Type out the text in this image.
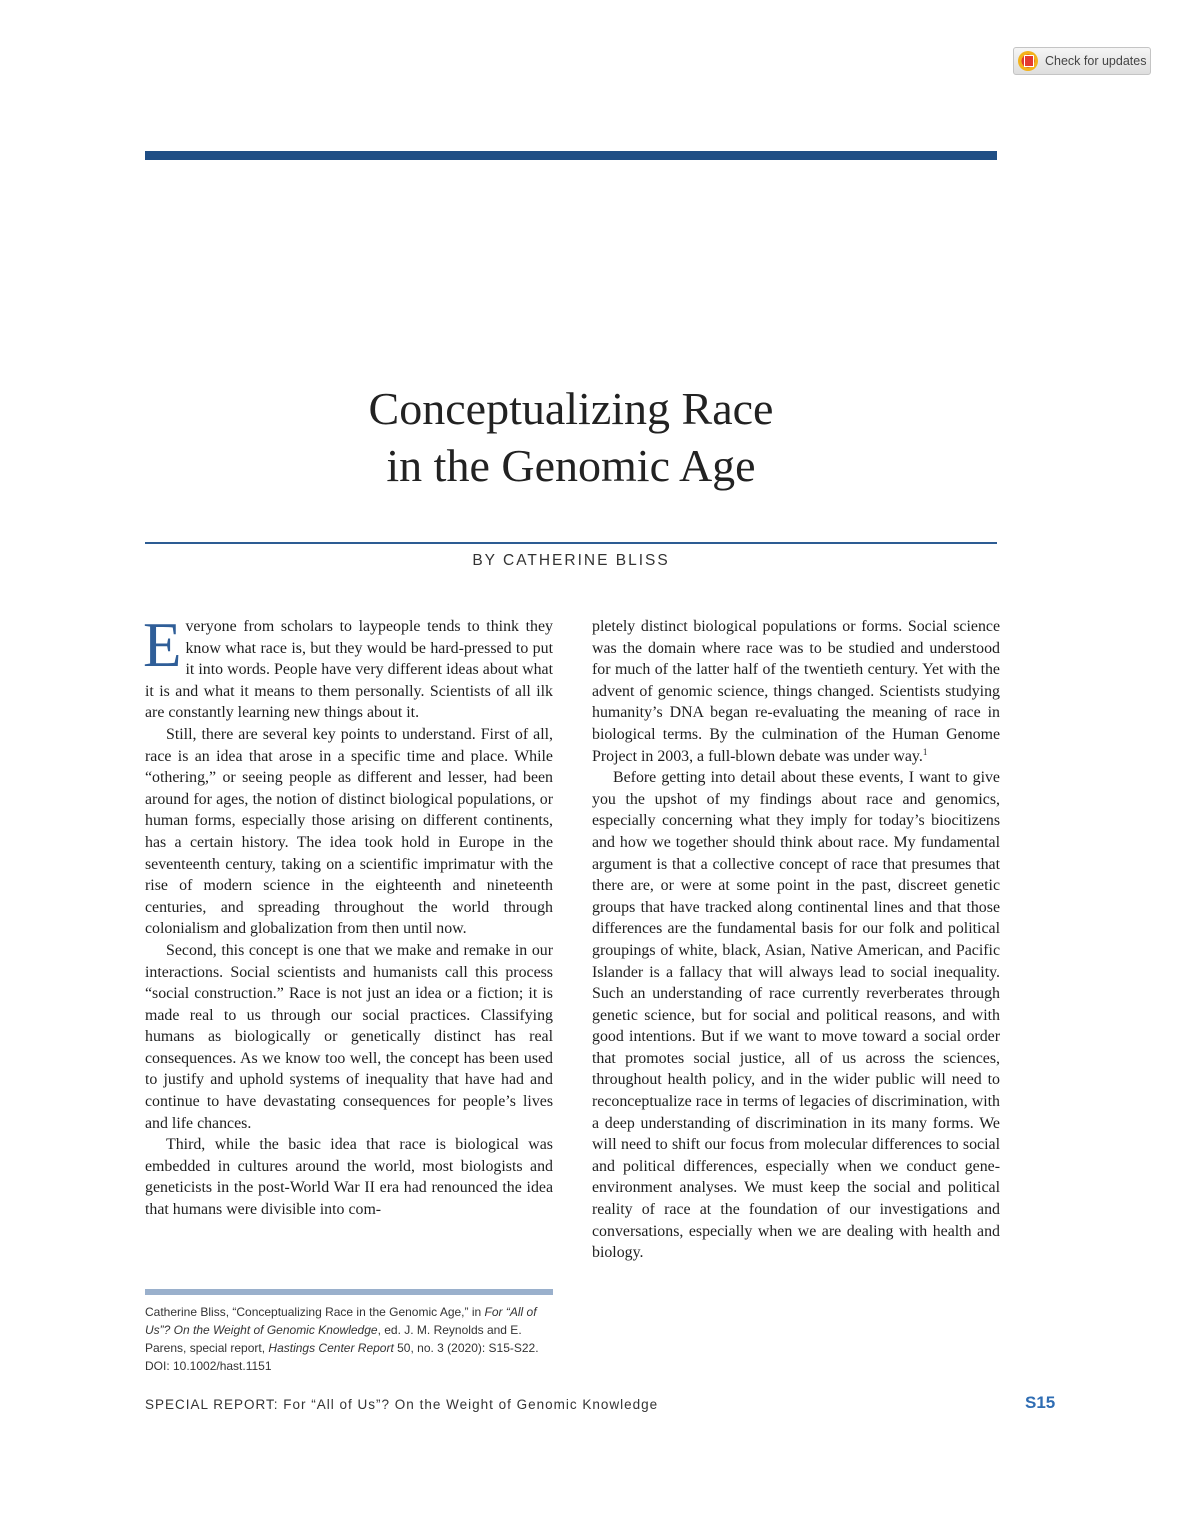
Check for updates
Conceptualizing Race
in the Genomic Age
BY CATHERINE BLISS

Everyone from scholars to laypeople tends to think they know what race is, but they would be hard-pressed to put it into words. People have very different ideas about what it is and what it means to them personally. Scientists of all ilk are constantly learning new things about it.

Still, there are several key points to understand. First of all, race is an idea that arose in a specific time and place. While “othering,” or seeing people as different and lesser, had been around for ages, the notion of distinct biological populations, or human forms, especially those arising on different continents, has a certain history. The idea took hold in Europe in the seventeenth century, taking on a scientific imprimatur with the rise of modern science in the eighteenth and nineteenth centuries, and spreading throughout the world through colonialism and globalization from then until now.

Second, this concept is one that we make and remake in our interactions. Social scientists and humanists call this process “social construction.” Race is not just an idea or a fiction; it is made real to us through our social practices. Classifying humans as biologically or genetically distinct has real consequences. As we know too well, the concept has been used to justify and uphold systems of inequality that have had and continue to have devastating consequences for people’s lives and life chances.

Third, while the basic idea that race is biological was embedded in cultures around the world, most biologists and geneticists in the post-World War II era had renounced the idea that humans were divisible into com-

pletely distinct biological populations or forms. Social science was the domain where race was to be studied and understood for much of the latter half of the twentieth century. Yet with the advent of genomic science, things changed. Scientists studying humanity’s DNA began re-evaluating the meaning of race in biological terms. By the culmination of the Human Genome Project in 2003, a full-blown debate was under way.$^1$

Before getting into detail about these events, I want to give you the upshot of my findings about race and genomics, especially concerning what they imply for today’s biocitizens and how we together should think about race. My fundamental argument is that a collective concept of race that presumes that there are, or were at some point in the past, discreet genetic groups that have tracked along continental lines and that those differences are the fundamental basis for our folk and political groupings of white, black, Asian, Native American, and Pacific Islander is a fallacy that will always lead to social inequality. Such an understanding of race currently reverberates through genetic science, but for social and political reasons, and with good intentions. But if we want to move toward a social order that promotes social justice, all of us across the sciences, throughout health policy, and in the wider public will need to reconceptualize race in terms of legacies of discrimination, with a deep understanding of discrimination in its many forms. We will need to shift our focus from molecular differences to social and political differences, especially when we conduct gene-environment analyses. We must keep the social and political reality of race at the foundation of our investigations and conversations, especially when we are dealing with health and biology.

Catherine Bliss, “Conceptualizing Race in the Genomic Age,” in For “All of Us”? On the Weight of Genomic Knowledge, ed. J. M. Reynolds and E. Parens, special report, Hastings Center Report 50, no. 3 (2020): S15-S22. DOI: 10.1002/hast.1151
SPECIAL REPORT: For “All of Us”? On the Weight of Genomic Knowledge	S15
